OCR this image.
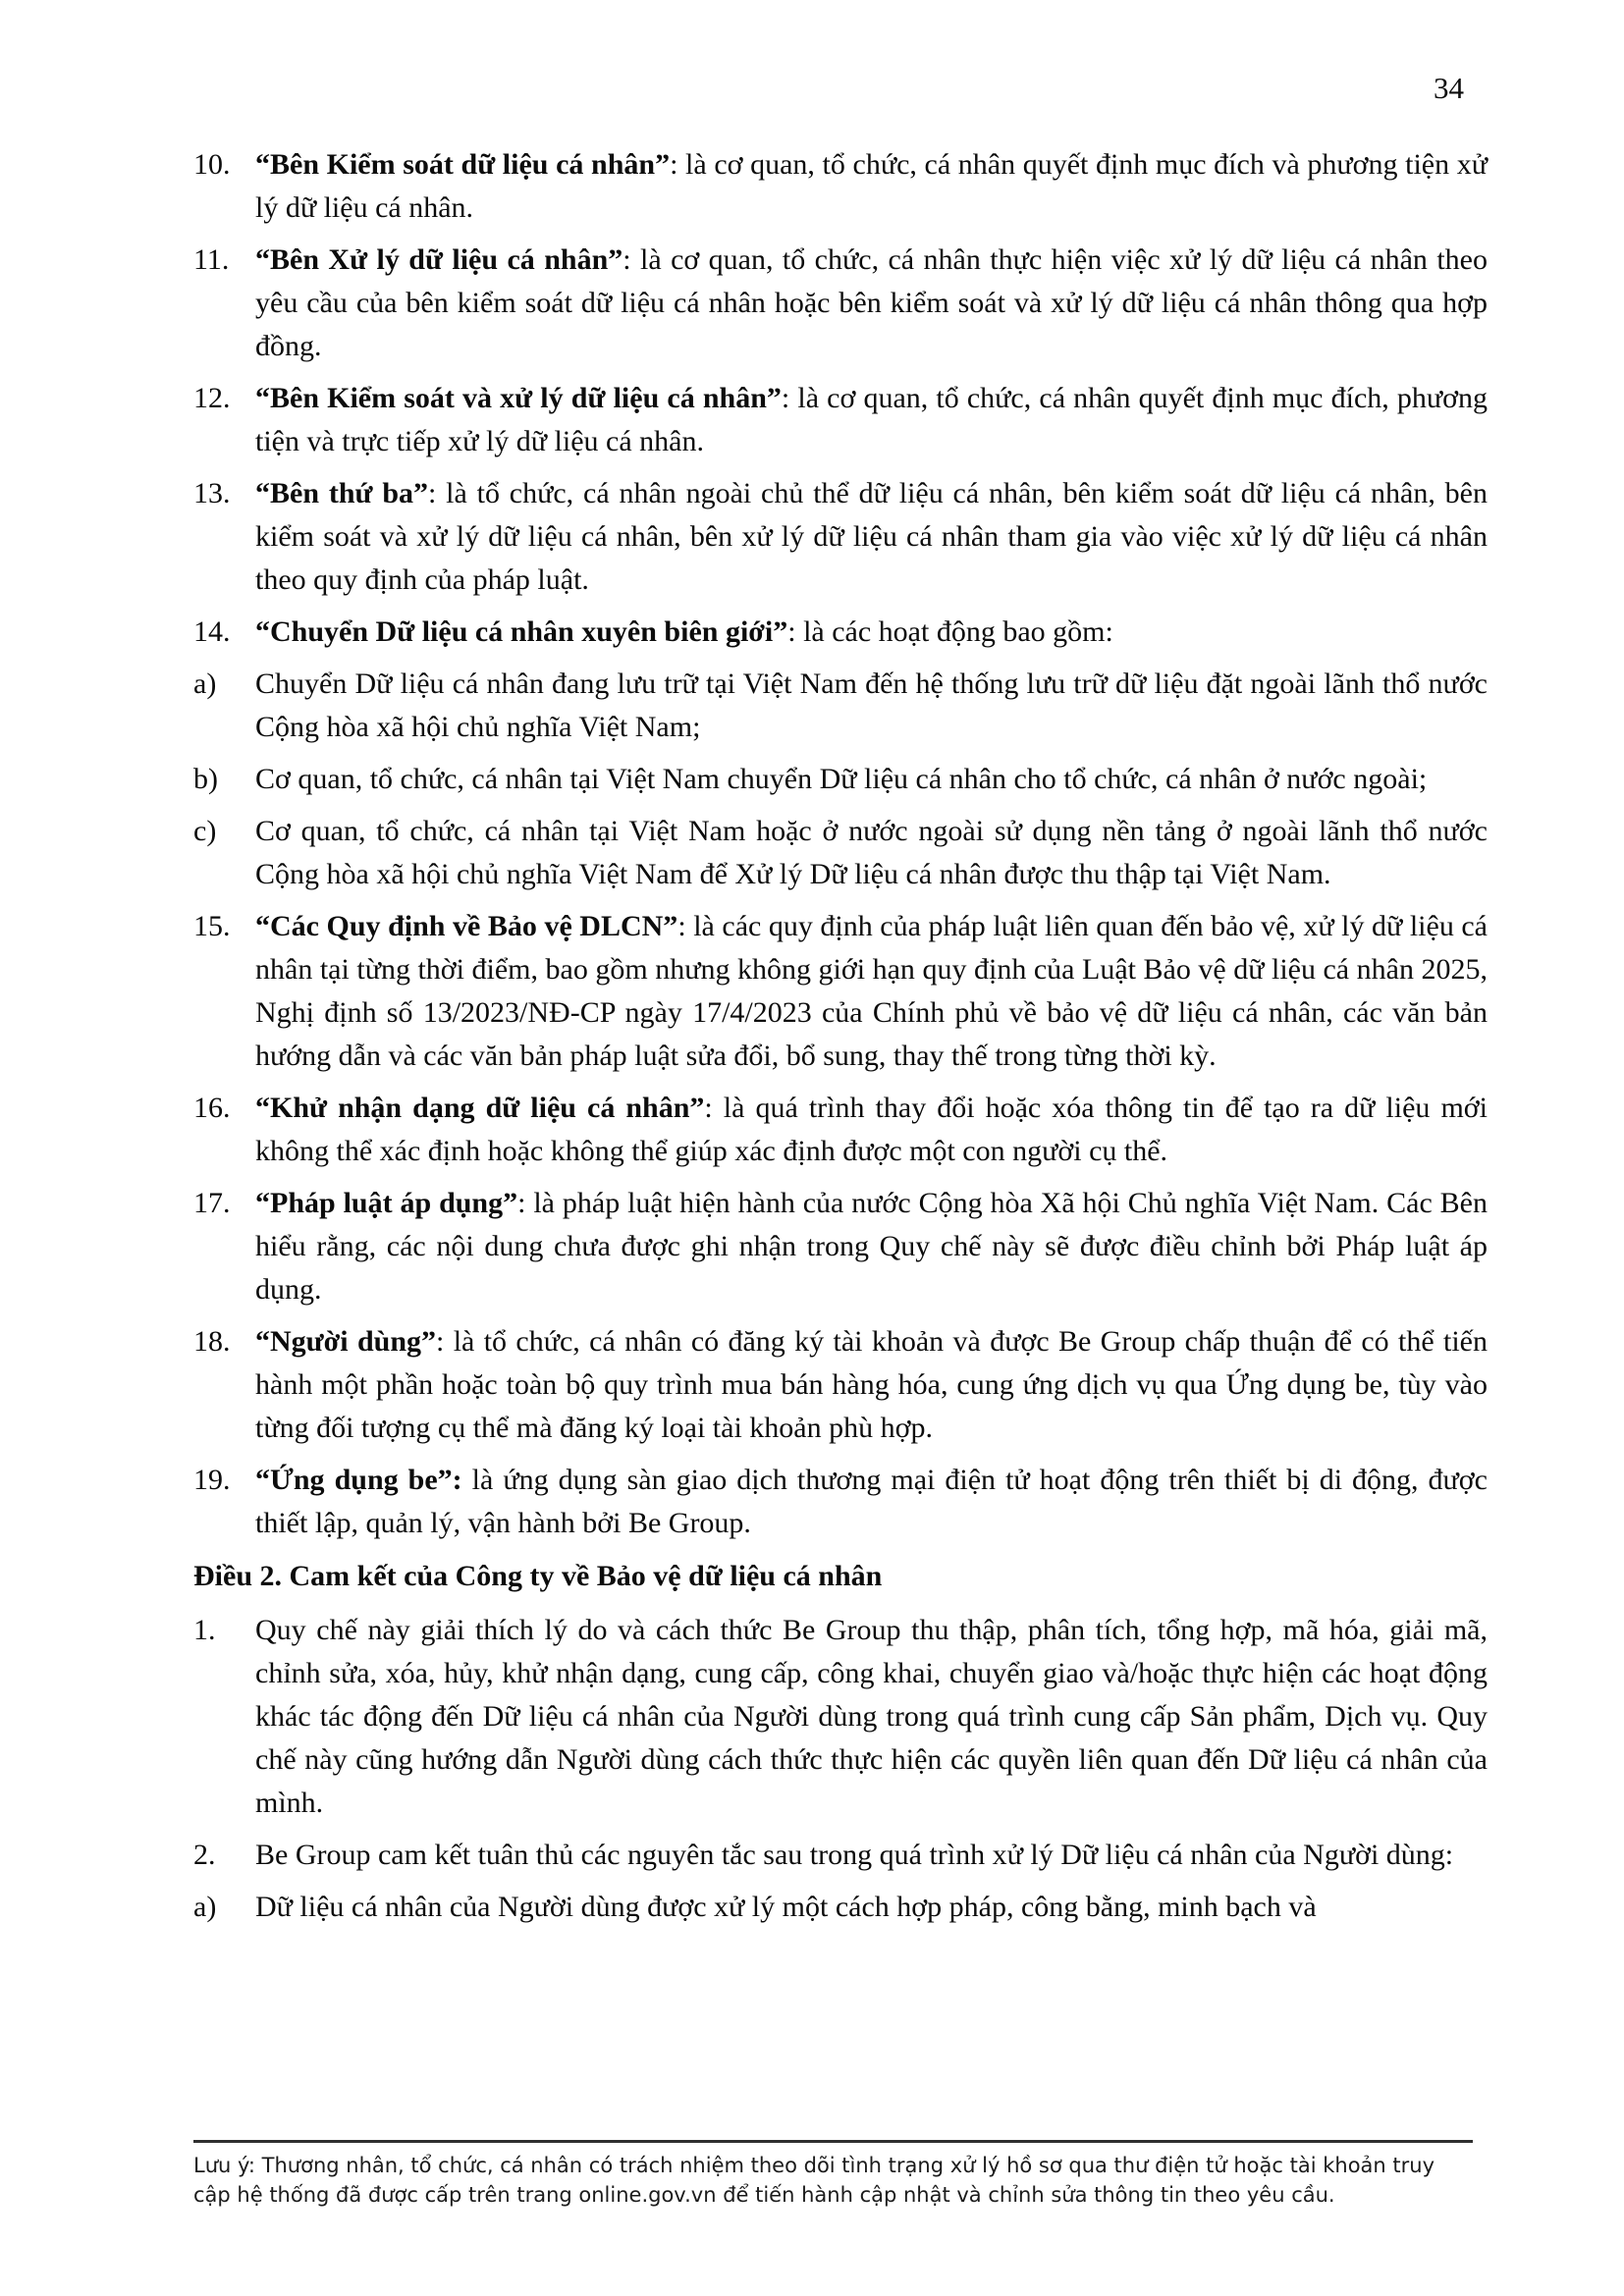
34
10. “Bên Kiểm soát dữ liệu cá nhân”: là cơ quan, tổ chức, cá nhân quyết định mục đích và phương tiện xử lý dữ liệu cá nhân.
11. “Bên Xử lý dữ liệu cá nhân”: là cơ quan, tổ chức, cá nhân thực hiện việc xử lý dữ liệu cá nhân theo yêu cầu của bên kiểm soát dữ liệu cá nhân hoặc bên kiểm soát và xử lý dữ liệu cá nhân thông qua hợp đồng.
12. “Bên Kiểm soát và xử lý dữ liệu cá nhân”: là cơ quan, tổ chức, cá nhân quyết định mục đích, phương tiện và trực tiếp xử lý dữ liệu cá nhân.
13. “Bên thứ ba”: là tổ chức, cá nhân ngoài chủ thể dữ liệu cá nhân, bên kiểm soát dữ liệu cá nhân, bên kiểm soát và xử lý dữ liệu cá nhân, bên xử lý dữ liệu cá nhân tham gia vào việc xử lý dữ liệu cá nhân theo quy định của pháp luật.
14. “Chuyển Dữ liệu cá nhân xuyên biên giới”: là các hoạt động bao gồm:
a)	Chuyển Dữ liệu cá nhân đang lưu trữ tại Việt Nam đến hệ thống lưu trữ dữ liệu đặt ngoài lãnh thổ nước Cộng hòa xã hội chủ nghĩa Việt Nam;
b)	Cơ quan, tổ chức, cá nhân tại Việt Nam chuyển Dữ liệu cá nhân cho tổ chức, cá nhân ở nước ngoài;
c)	Cơ quan, tổ chức, cá nhân tại Việt Nam hoặc ở nước ngoài sử dụng nền tảng ở ngoài lãnh thổ nước Cộng hòa xã hội chủ nghĩa Việt Nam để Xử lý Dữ liệu cá nhân được thu thập tại Việt Nam.
15. “Các Quy định về Bảo vệ DLCN”: là các quy định của pháp luật liên quan đến bảo vệ, xử lý dữ liệu cá nhân tại từng thời điểm, bao gồm nhưng không giới hạn quy định của Luật Bảo vệ dữ liệu cá nhân 2025, Nghị định số 13/2023/NĐ-CP ngày 17/4/2023 của Chính phủ về bảo vệ dữ liệu cá nhân, các văn bản hướng dẫn và các văn bản pháp luật sửa đổi, bổ sung, thay thế trong từng thời kỳ.
16. “Khử nhận dạng dữ liệu cá nhân”: là quá trình thay đổi hoặc xóa thông tin để tạo ra dữ liệu mới không thể xác định hoặc không thể giúp xác định được một con người cụ thể.
17. “Pháp luật áp dụng”: là pháp luật hiện hành của nước Cộng hòa Xã hội Chủ nghĩa Việt Nam. Các Bên hiểu rằng, các nội dung chưa được ghi nhận trong Quy chế này sẽ được điều chỉnh bởi Pháp luật áp dụng.
18. “Người dùng”: là tổ chức, cá nhân có đăng ký tài khoản và được Be Group chấp thuận để có thể tiến hành một phần hoặc toàn bộ quy trình mua bán hàng hóa, cung ứng dịch vụ qua Ứng dụng be, tùy vào từng đối tượng cụ thể mà đăng ký loại tài khoản phù hợp.
19. “Ứng dụng be”: là ứng dụng sàn giao dịch thương mại điện tử hoạt động trên thiết bị di động, được thiết lập, quản lý, vận hành bởi Be Group.
Điều 2. Cam kết của Công ty về Bảo vệ dữ liệu cá nhân
1.	Quy chế này giải thích lý do và cách thức Be Group thu thập, phân tích, tổng hợp, mã hóa, giải mã, chỉnh sửa, xóa, hủy, khử nhận dạng, cung cấp, công khai, chuyển giao và/hoặc thực hiện các hoạt động khác tác động đến Dữ liệu cá nhân của Người dùng trong quá trình cung cấp Sản phẩm, Dịch vụ. Quy chế này cũng hướng dẫn Người dùng cách thức thực hiện các quyền liên quan đến Dữ liệu cá nhân của mình.
2.	Be Group cam kết tuân thủ các nguyên tắc sau trong quá trình xử lý Dữ liệu cá nhân của Người dùng:
a)	Dữ liệu cá nhân của Người dùng được xử lý một cách hợp pháp, công bằng, minh bạch và
Lưu ý: Thương nhân, tổ chức, cá nhân có trách nhiệm theo dõi tình trạng xử lý hồ sơ qua thư điện tử hoặc tài khoản truy cập hệ thống đã được cấp trên trang online.gov.vn để tiến hành cập nhật và chỉnh sửa thông tin theo yêu cầu.
